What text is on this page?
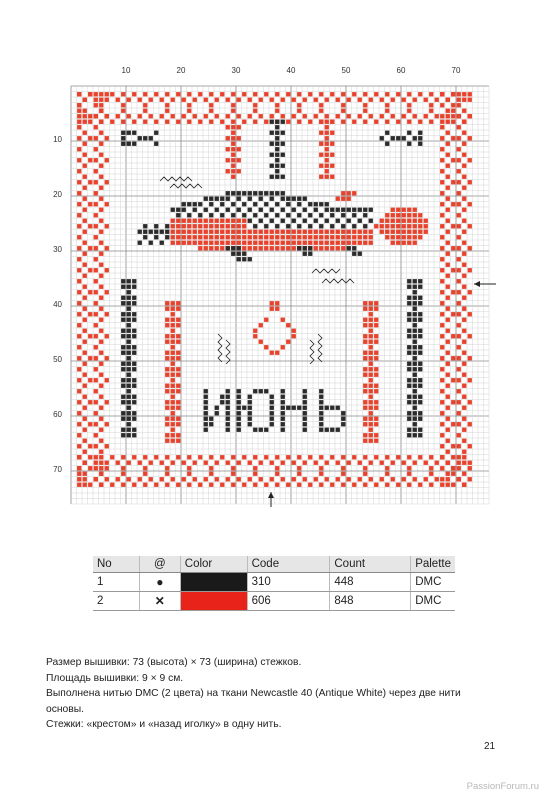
10	20	30	40	50	60	70
10
20
30
40
50
60
70
No	@	Color	Code	Count	Palette
1	●		310	448	DMC
2	✕		606	848	DMC

Размер вышивки: 73 (высота) × 73 (ширина) стежков.

Площадь вышивки: 9 × 9 см.

Выполнена нитью DMC (2 цвета) на ткани Newcastle 40 (Antique White) через две нити основы.

Стежки: «крестом» и «назад иголку» в одну нить.

21
PassionForum.ru
